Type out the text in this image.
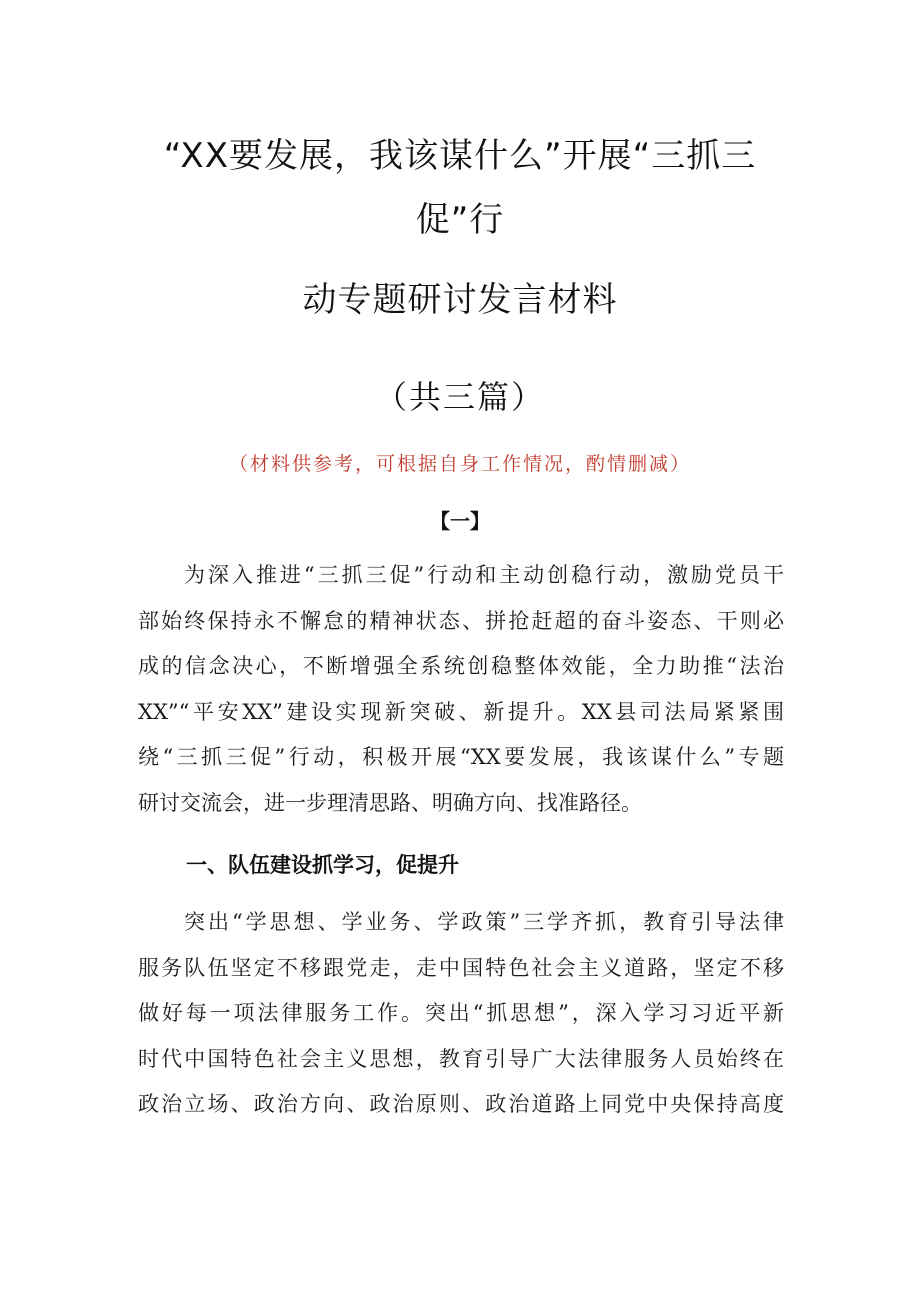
“XX要发展，我该谋什么”开展“三抓三
促”行
动专题研讨发言材料
（共三篇）
（材料供参考，可根据自身工作情况，酌情删减）
【一】
为深入推进“三抓三促”行动和主动创稳行动，激励党员干
部始终保持永不懈怠的精神状态、拼抢赶超的奋斗姿态、干则必
成的信念决心，不断增强全系统创稳整体效能，全力助推“法治
XX”“平安XX”建设实现新突破、新提升。XX县司法局紧紧围
绕“三抓三促”行动，积极开展“XX要发展，我该谋什么”专题
研讨交流会，进一步理清思路、明确方向、找准路径。
一、队伍建设抓学习，促提升
突出“学思想、学业务、学政策”三学齐抓，教育引导法律
服务队伍坚定不移跟党走，走中国特色社会主义道路，坚定不移
做好每一项法律服务工作。突出“抓思想”，深入学习习近平新
时代中国特色社会主义思想，教育引导广大法律服务人员始终在
政治立场、政治方向、政治原则、政治道路上同党中央保持高度
